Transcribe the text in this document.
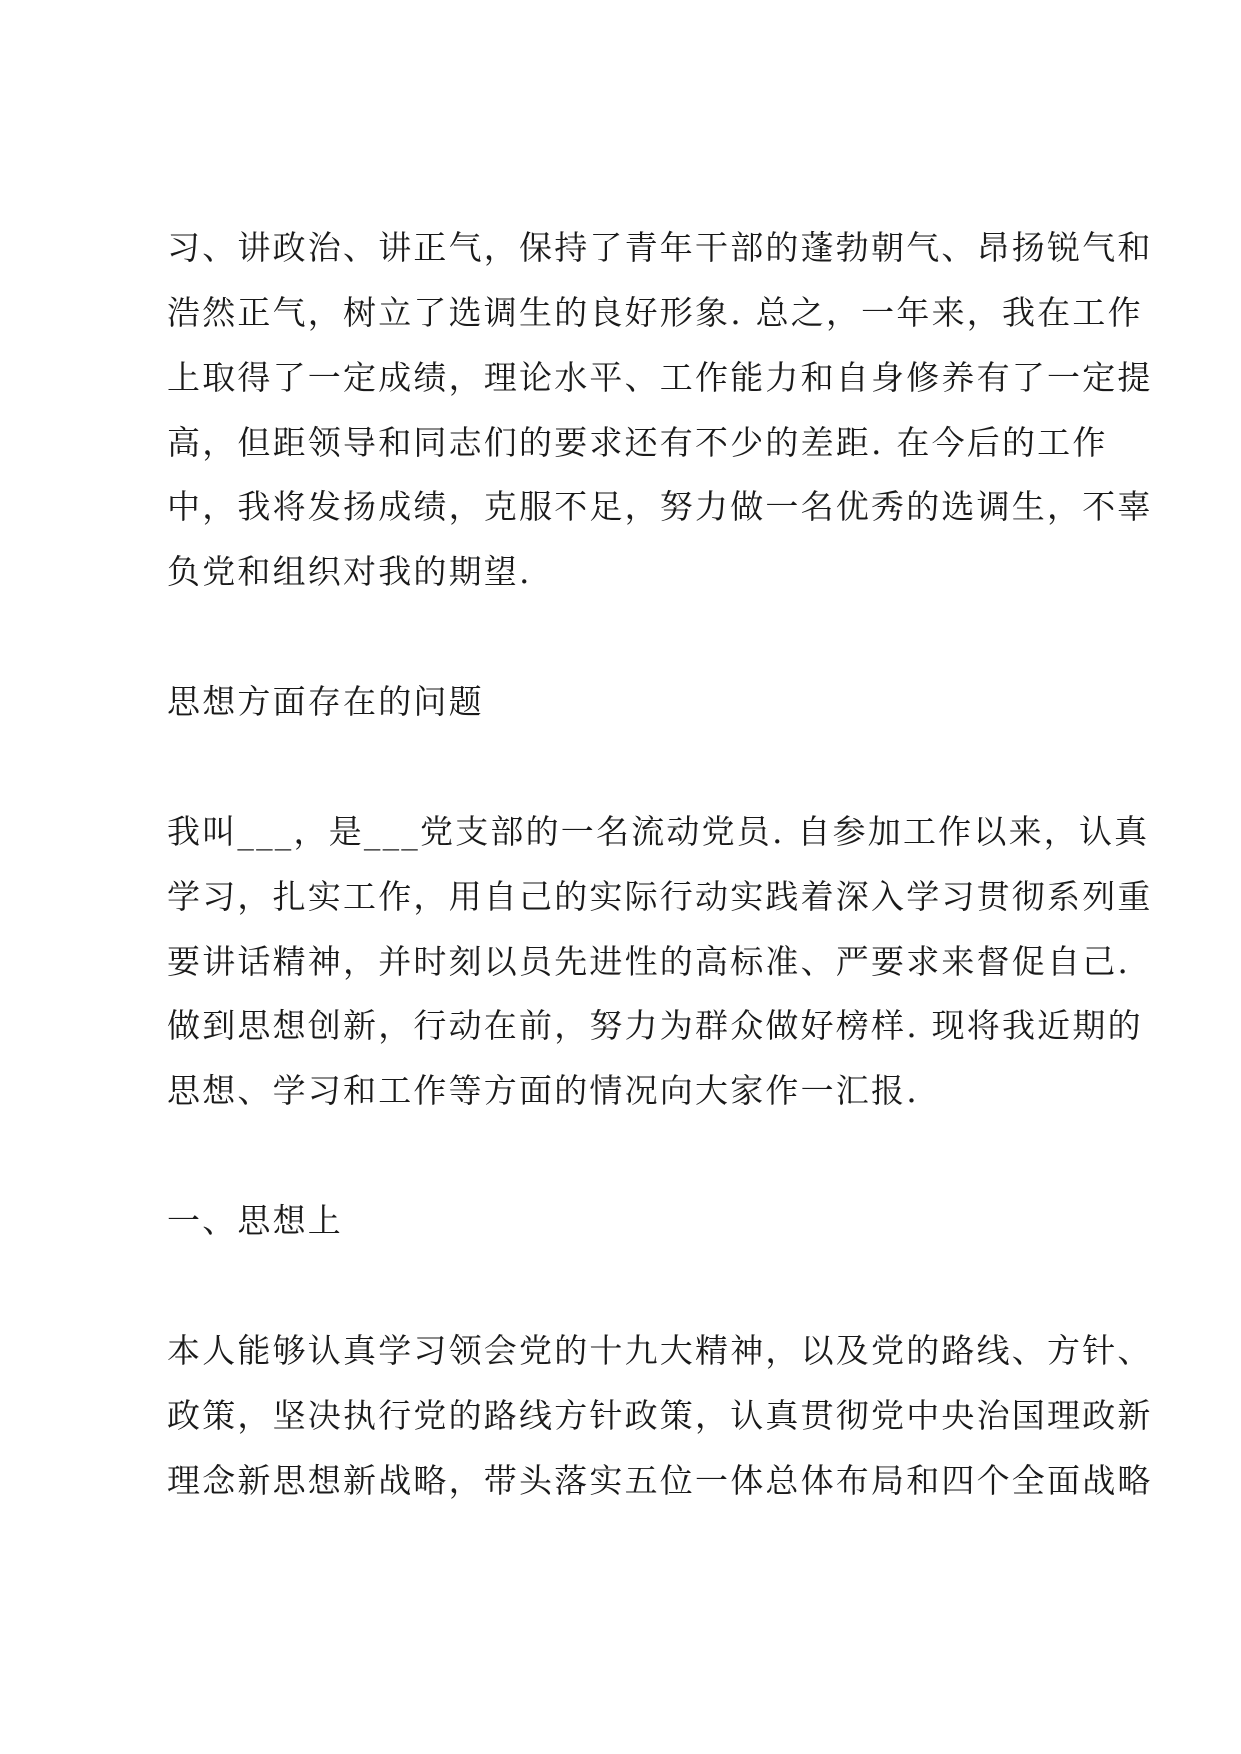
习、讲政治、讲正气，保持了青年干部的蓬勃朝气、昂扬锐气和

浩然正气，树立了选调生的良好形象. 总之，一年来，我在工作

上取得了一定成绩，理论水平、工作能力和自身修养有了一定提

高，但距领导和同志们的要求还有不少的差距. 在今后的工作

中，我将发扬成绩，克服不足，努力做一名优秀的选调生，不辜

负党和组织对我的期望.

思想方面存在的问题

我叫___，是___党支部的一名流动党员. 自参加工作以来，认真

学习，扎实工作，用自己的实际行动实践着深入学习贯彻系列重

要讲话精神，并时刻以员先进性的高标准、严要求来督促自己.

做到思想创新，行动在前，努力为群众做好榜样. 现将我近期的

思想、学习和工作等方面的情况向大家作一汇报.

一、思想上

本人能够认真学习领会党的十九大精神，以及党的路线、方针、

政策，坚决执行党的路线方针政策，认真贯彻党中央治国理政新

理念新思想新战略，带头落实五位一体总体布局和四个全面战略
